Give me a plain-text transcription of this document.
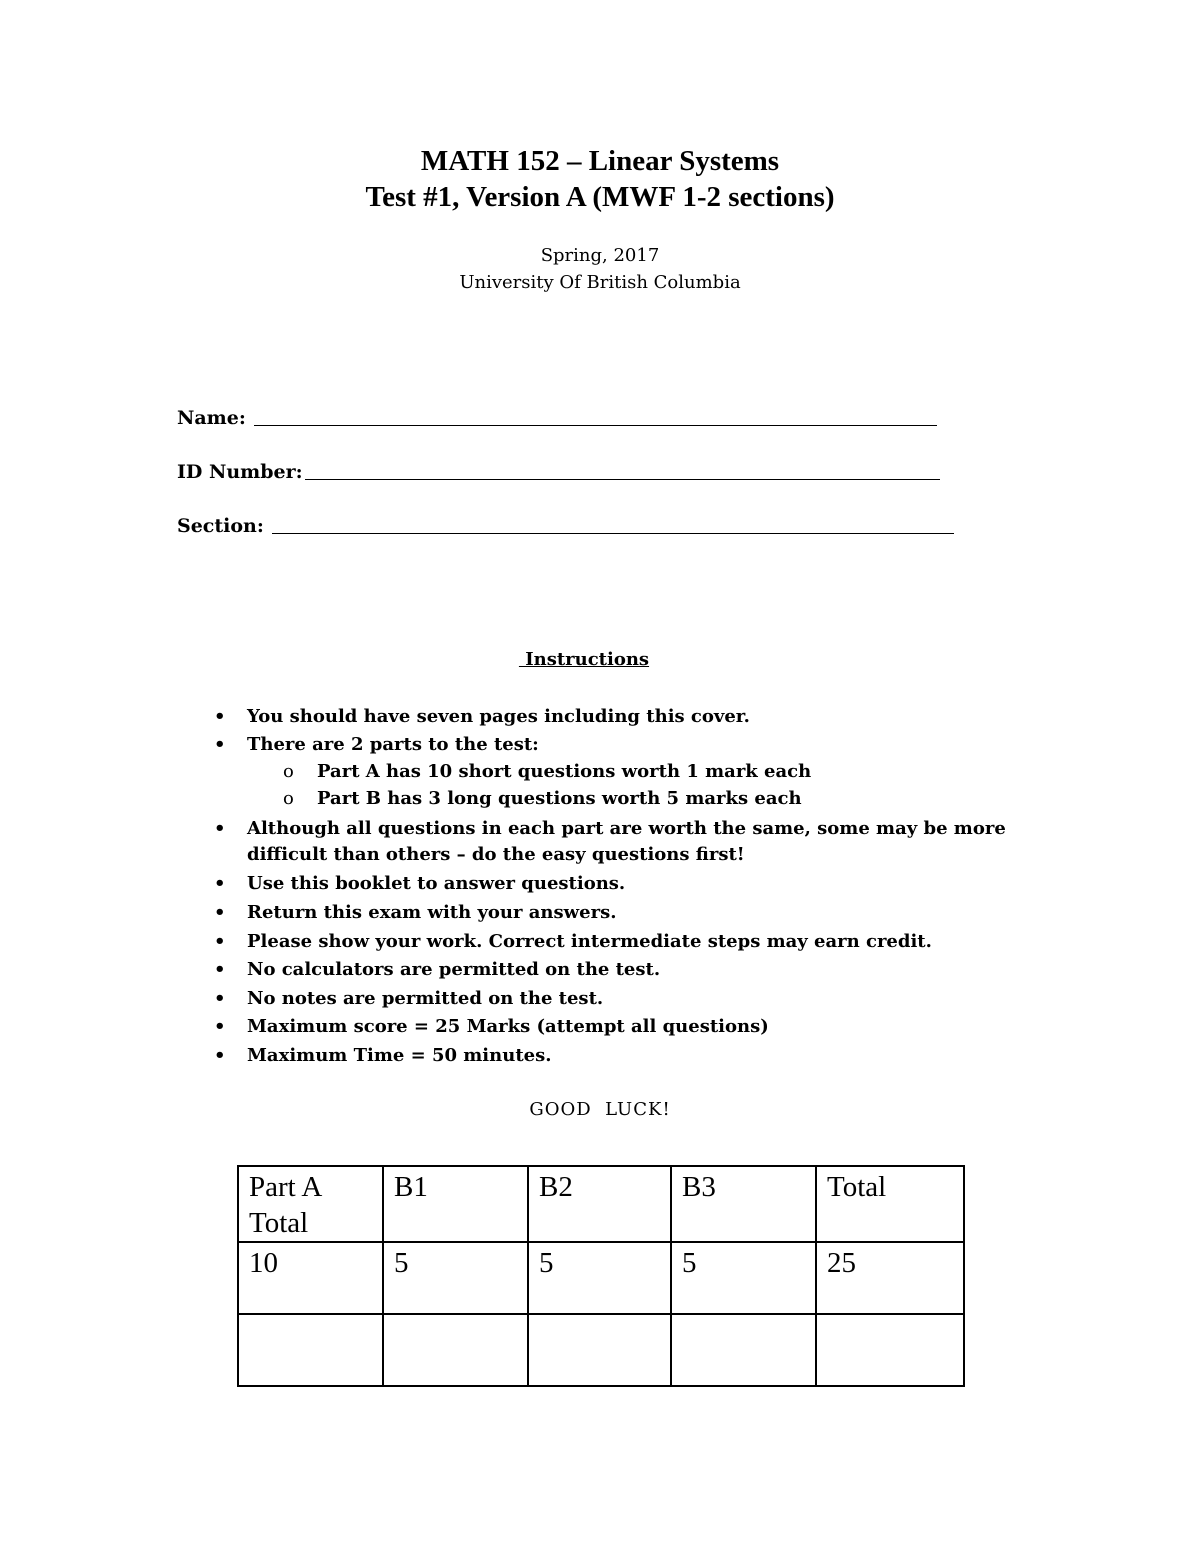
MATH 152 – Linear Systems
Test #1, Version A (MWF 1-2 sections)
Spring, 2017
University Of British Columbia
Name:
ID Number:
Section:
Instructions
• You should have seven pages including this cover.
• There are 2 parts to the test:
o Part A has 10 short questions worth 1 mark each
o Part B has 3 long questions worth 5 marks each
• Although all questions in each part are worth the same, some may be more
difficult than others – do the easy questions first!
• Use this booklet to answer questions.
• Return this exam with your answers.
• Please show your work. Correct intermediate steps may earn credit.
• No calculators are permitted on the test.
• No notes are permitted on the test.
• Maximum score = 25 Marks (attempt all questions)
• Maximum Time = 50 minutes.
GOOD  LUCK!
Part A Total	B1	B2	B3	Total
10	5	5	5	25
